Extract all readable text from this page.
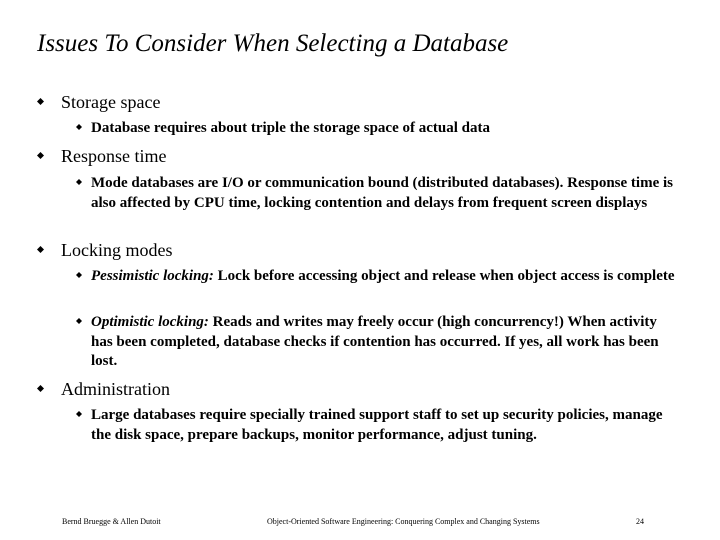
Issues To Consider When Selecting a Database
Storage space
Database requires about triple the storage space of actual data
Response time
Mode databases are I/O or communication bound (distributed databases). Response time is also affected by CPU time, locking contention and delays from frequent screen displays
Locking modes
Pessimistic locking: Lock before accessing object and release when object access is complete
Optimistic locking: Reads and writes may freely occur (high concurrency!) When activity has been completed, database checks if contention has occurred. If yes, all work has been lost.
Administration
Large databases require specially trained support staff to set up security policies, manage the disk space, prepare backups, monitor performance, adjust tuning.
Bernd Bruegge & Allen Dutoit	Object-Oriented Software Engineering: Conquering Complex and Changing Systems	24
